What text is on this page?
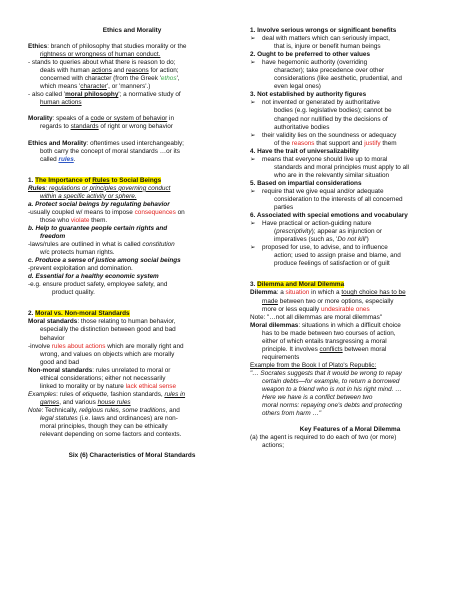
Ethics and Morality

Ethics: branch of philosophy that studies morality or the

rightness or wrongness of human conduct.

- stands to queries about what there is reason to do;

deals with human actions and reasons for action;

concerned with character (from the Greek 'ethos',

which means 'character', or 'manners'.)

- also called 'moral philosophy'; a normative study of

human actions

Morality: speaks of a code or system of behavior in

regards to standards of right or wrong behavior

Ethics and Morality: oftentimes used interchangeably;

both carry the concept of moral standards …or its

called rules.

1. The Importance of Rules to Social Beings

Rules: regulations or principles governing conduct

within a specific activity or sphere.

a. Protect social beings by regulating behavior

-usually coupled w/ means to impose consequences on

those who violate them.

b. Help to guarantee people certain rights and

freedom

-laws/rules are outlined in what is called constitution

w/c protects human rights.

c. Produce a sense of justice among social beings

-prevent exploitation and domination.

d. Essential for a healthy economic system

-e.g. ensure product safety, employee safety, and

product quality.

2. Moral vs. Non-moral Standards

Moral standards: those relating to human behavior,

especially the distinction between good and bad

behavior

-involve rules about actions which are morally right and

wrong, and values on objects which are morally

good and bad

Non-moral standards: rules unrelated to moral or

ethical considerations; either not necessarily

linked to morality or by nature lack ethical sense

Examples: rules of etiquette, fashion standards, rules in

games, and various house rules

Note: Technically, religious rules, some traditions, and

legal statutes (i.e. laws and ordinances) are non-

moral principles, though they can be ethically

relevant depending on some factors and contexts.

Six (6) Characteristics of Moral Standards

1. Involve serious wrongs or significant benefits

➢ deal with matters which can seriously impact,

that is, injure or benefit human beings

2. Ought to be preferred to other values

➢ have hegemonic authority (overriding

character); take precedence over other

considerations (like aesthetic, prudential, and

even legal ones)

3. Not established by authority figures

➢ not invented or generated by authoritative

bodies (e.g. legislative bodies); cannot be

changed nor nullified by the decisions of

authoritative bodies

➢ their validity lies on the soundness or adequacy

of the reasons that support and justify them

4. Have the trait of universalizability

➢ means that everyone should live up to moral

standards and moral principles must apply to all

who are in the relevantly similar situation

5. Based on impartial considerations

➢ require that we give equal and/or adequate

consideration to the interests of all concerned

parties

6. Associated with special emotions and vocabulary

➢ Have practical or action-guiding nature

(prescriptivity); appear as injunction or

imperatives (such as, 'Do not kill')

➢ proposed for use, to advise, and to influence

action; used to assign praise and blame, and

produce feelings of satisfaction or of guilt

3. Dilemma and Moral Dilemma

Dilemma: a situation in which a tough choice has to be

made between two or more options, especially

more or less equally undesirable ones

Note: "…not all dilemmas are moral dilemmas"

Moral dilemmas: situations in which a difficult choice

has to be made between two courses of action,

either of which entails transgressing a moral

principle. It involves conflicts between moral

requirements

Example from the Book I of Plato's Republic:

"… Socrates suggests that it would be wrong to repay

certain debts—for example, to return a borrowed

weapon to a friend who is not in his right mind. …

Here we have is a conflict between two

moral norms: repaying one's debts and protecting

others from harm …"

Key Features of a Moral Dilemma

(a) the agent is required to do each of two (or more)

actions;
